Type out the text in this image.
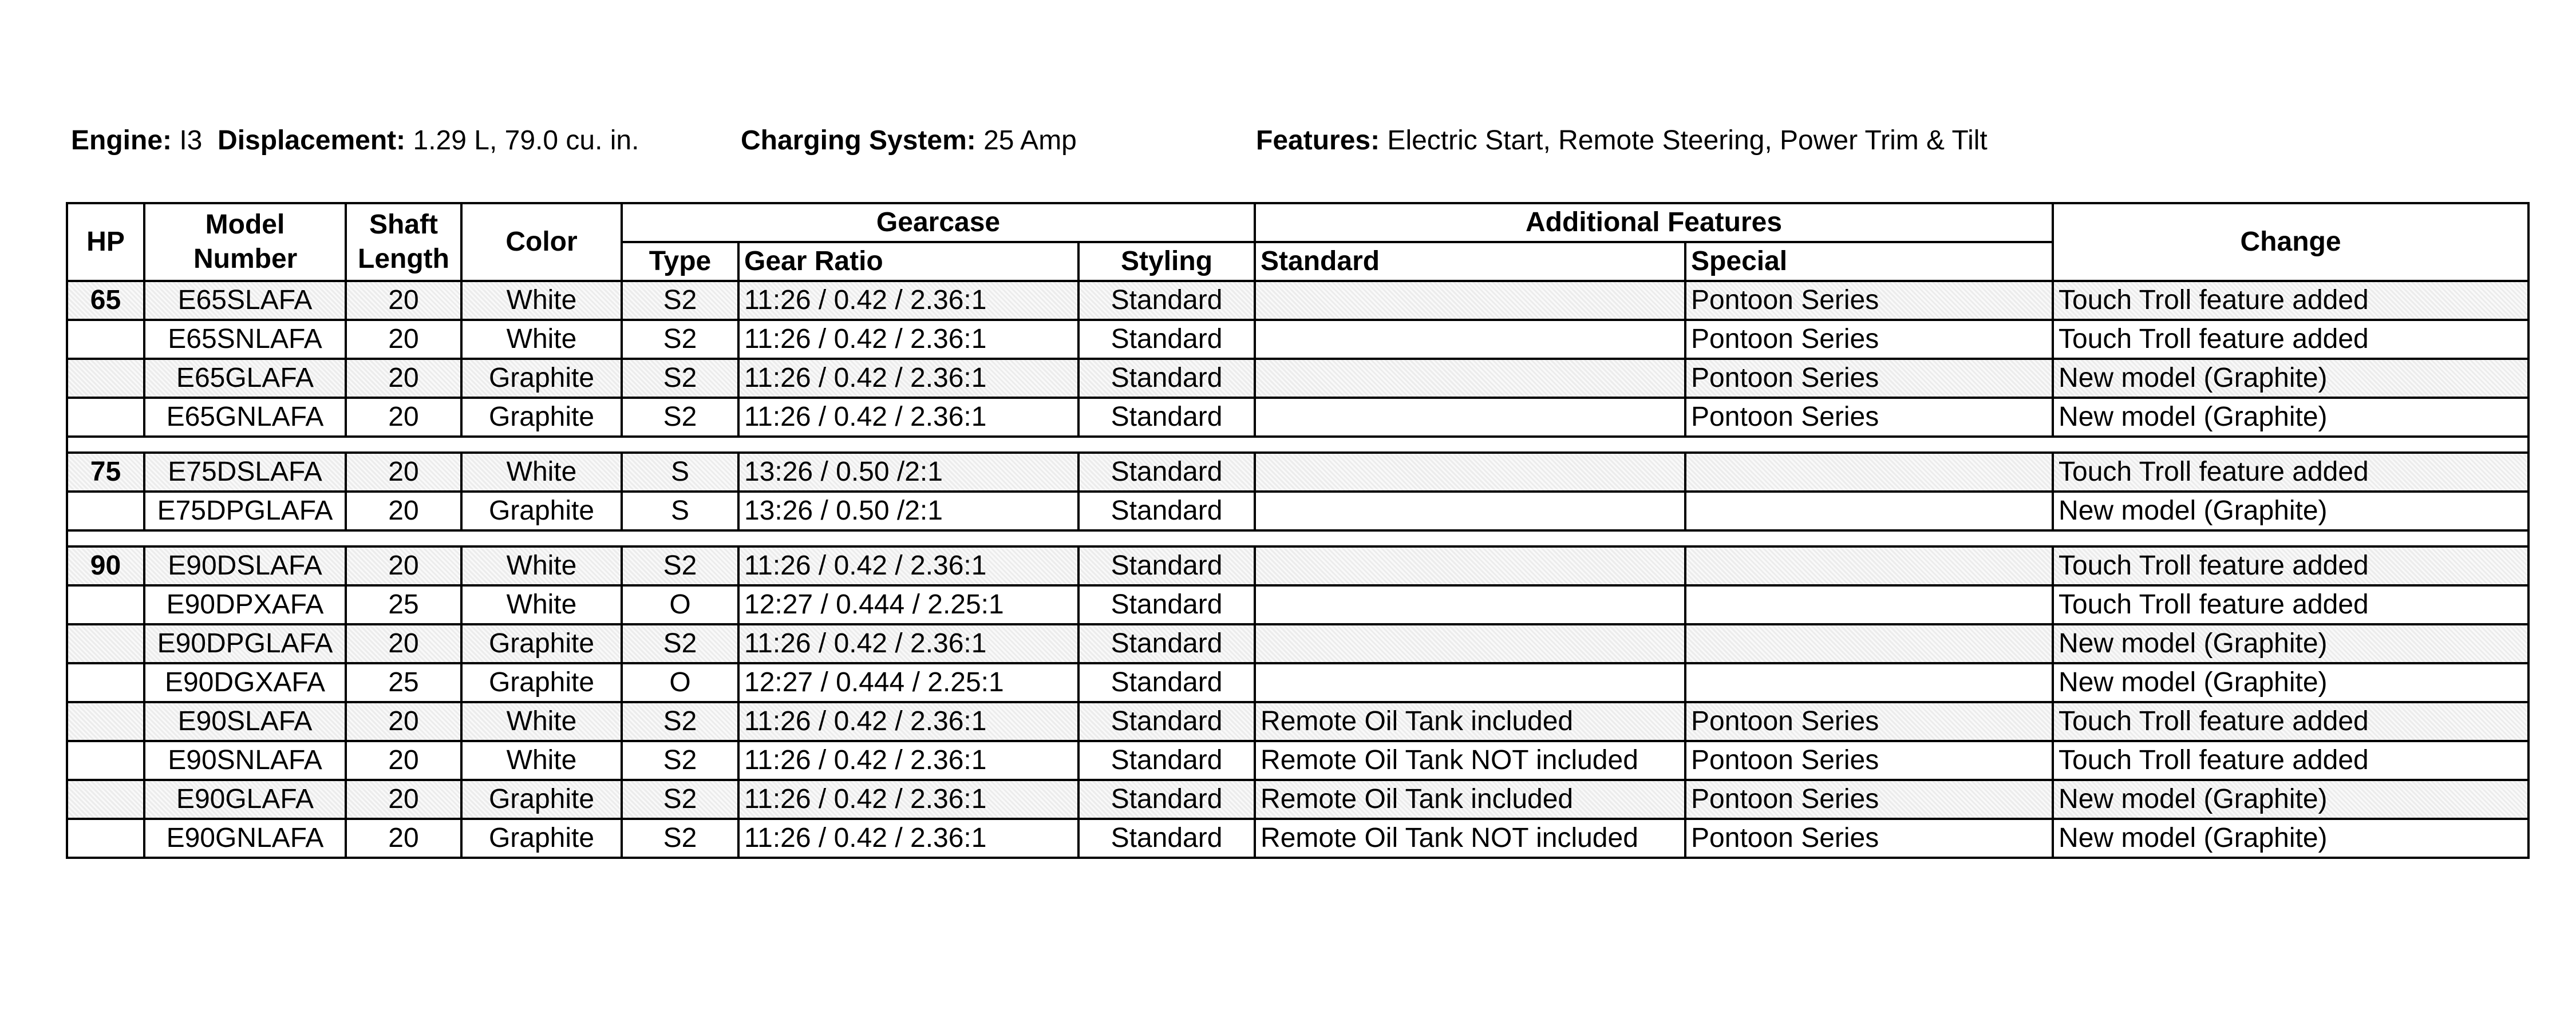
Engine: I3 Displacement: 1.29 L, 79.0 cu. in.	Charging System: 25 Amp	Features: Electric Start, Remote Steering, Power Trim & Tilt
HP	Model Number	Shaft Length	Color	Gearcase			Additional Features		Change
				Type	Gear Ratio	Styling	Standard	Special	
65	E65SLAFA	20	White	S2	11:26 / 0.42 / 2.36:1	Standard		Pontoon Series	Touch Troll feature added
	E65SNLAFA	20	White	S2	11:26 / 0.42 / 2.36:1	Standard		Pontoon Series	Touch Troll feature added
	E65GLAFA	20	Graphite	S2	11:26 / 0.42 / 2.36:1	Standard		Pontoon Series	New model (Graphite)
	E65GNLAFA	20	Graphite	S2	11:26 / 0.42 / 2.36:1	Standard		Pontoon Series	New model (Graphite)

75	E75DSLAFA	20	White	S	13:26 / 0.50 /2:1	Standard			Touch Troll feature added
	E75DPGLAFA	20	Graphite	S	13:26 / 0.50 /2:1	Standard			New model (Graphite)

90	E90DSLAFA	20	White	S2	11:26 / 0.42 / 2.36:1	Standard			Touch Troll feature added
	E90DPXAFA	25	White	O	12:27 / 0.444 / 2.25:1	Standard			Touch Troll feature added
	E90DPGLAFA	20	Graphite	S2	11:26 / 0.42 / 2.36:1	Standard			New model (Graphite)
	E90DGXAFA	25	Graphite	O	12:27 / 0.444 / 2.25:1	Standard			New model (Graphite)
	E90SLAFA	20	White	S2	11:26 / 0.42 / 2.36:1	Standard	Remote Oil Tank included	Pontoon Series	Touch Troll feature added
	E90SNLAFA	20	White	S2	11:26 / 0.42 / 2.36:1	Standard	Remote Oil Tank NOT included	Pontoon Series	Touch Troll feature added
	E90GLAFA	20	Graphite	S2	11:26 / 0.42 / 2.36:1	Standard	Remote Oil Tank included	Pontoon Series	New model (Graphite)
	E90GNLAFA	20	Graphite	S2	11:26 / 0.42 / 2.36:1	Standard	Remote Oil Tank NOT included	Pontoon Series	New model (Graphite)
